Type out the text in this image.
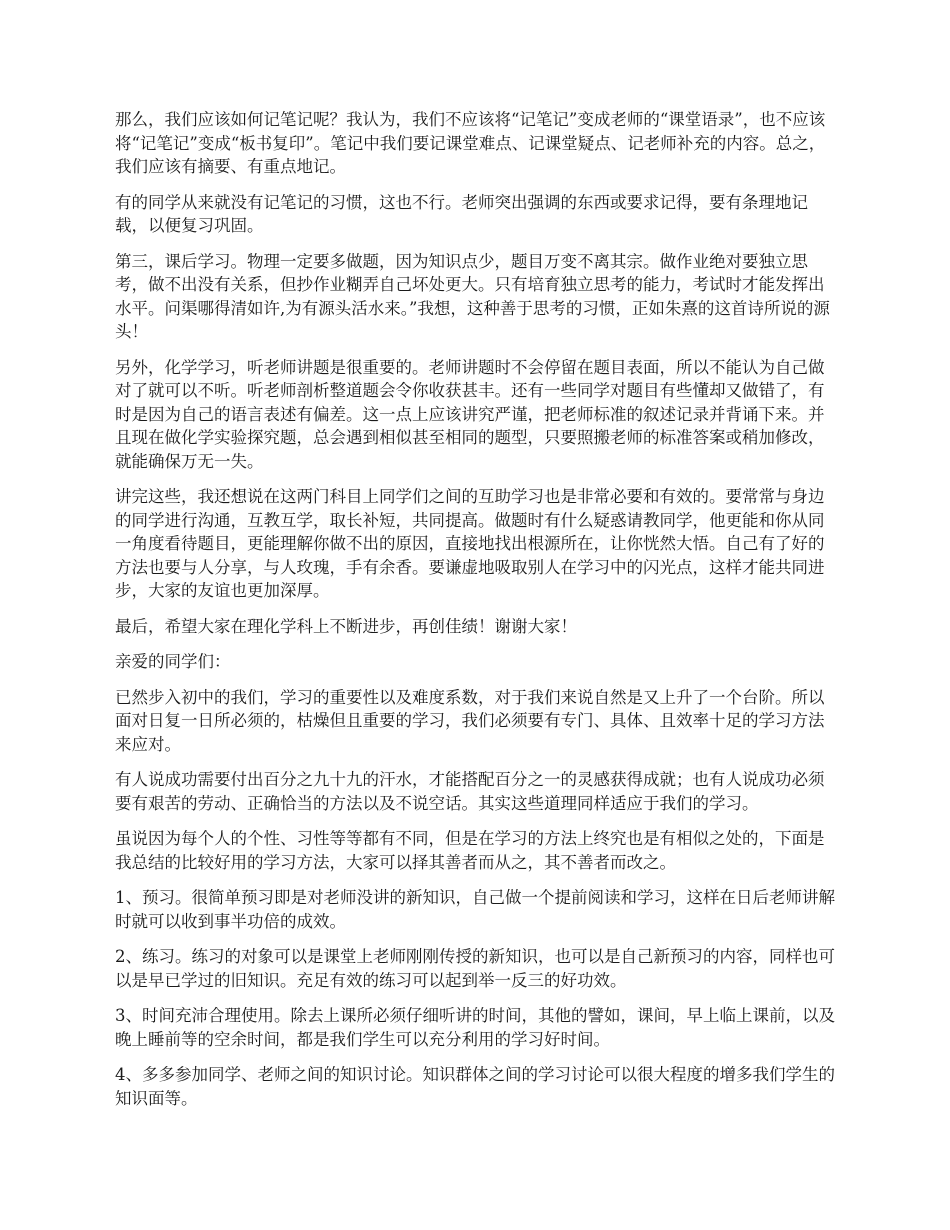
那么，我们应该如何记笔记呢？我认为，我们不应该将“记笔记”变成老师的“课堂语录”，也不应该将“记笔记”变成“板书复印”。笔记中我们要记课堂难点、记课堂疑点、记老师补充的内容。总之，我们应该有摘要、有重点地记。

有的同学从来就没有记笔记的习惯，这也不行。老师突出强调的东西或要求记得，要有条理地记载，以便复习巩固。

第三，课后学习。物理一定要多做题，因为知识点少，题目万变不离其宗。做作业绝对要独立思考，做不出没有关系，但抄作业糊弄自己坏处更大。只有培育独立思考的能力，考试时才能发挥出水平。问渠哪得清如许,为有源头活水来。”我想，这种善于思考的习惯，正如朱熹的这首诗所说的源头！

另外，化学学习，听老师讲题是很重要的。老师讲题时不会停留在题目表面，所以不能认为自己做对了就可以不听。听老师剖析整道题会令你收获甚丰。还有一些同学对题目有些懂却又做错了，有时是因为自己的语言表述有偏差。这一点上应该讲究严谨，把老师标准的叙述记录并背诵下来。并且现在做化学实验探究题，总会遇到相似甚至相同的题型，只要照搬老师的标准答案或稍加修改，就能确保万无一失。

讲完这些，我还想说在这两门科目上同学们之间的互助学习也是非常必要和有效的。要常常与身边的同学进行沟通，互教互学，取长补短，共同提高。做题时有什么疑惑请教同学，他更能和你从同一角度看待题目，更能理解你做不出的原因，直接地找出根源所在，让你恍然大悟。自己有了好的方法也要与人分享，与人玫瑰，手有余香。要谦虚地吸取别人在学习中的闪光点，这样才能共同进步，大家的友谊也更加深厚。

最后，希望大家在理化学科上不断进步，再创佳绩！谢谢大家！

亲爱的同学们：

已然步入初中的我们，学习的重要性以及难度系数，对于我们来说自然是又上升了一个台阶。所以面对日复一日所必须的，枯燥但且重要的学习，我们必须要有专门、具体、且效率十足的学习方法来应对。

有人说成功需要付出百分之九十九的汗水，才能搭配百分之一的灵感获得成就；也有人说成功必须要有艰苦的劳动、正确恰当的方法以及不说空话。其实这些道理同样适应于我们的学习。

虽说因为每个人的个性、习性等等都有不同，但是在学习的方法上终究也是有相似之处的，下面是我总结的比较好用的学习方法，大家可以择其善者而从之，其不善者而改之。

1、预习。很简单预习即是对老师没讲的新知识，自己做一个提前阅读和学习，这样在日后老师讲解时就可以收到事半功倍的成效。

2、练习。练习的对象可以是课堂上老师刚刚传授的新知识，也可以是自己新预习的内容，同样也可以是早已学过的旧知识。充足有效的练习可以起到举一反三的好功效。

3、时间充沛合理使用。除去上课所必须仔细听讲的时间，其他的譬如，课间，早上临上课前，以及晚上睡前等的空余时间，都是我们学生可以充分利用的学习好时间。

4、多多参加同学、老师之间的知识讨论。知识群体之间的学习讨论可以很大程度的增多我们学生的知识面等。
